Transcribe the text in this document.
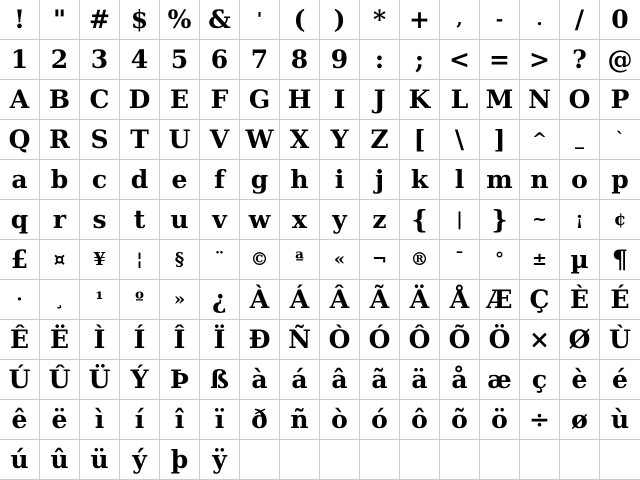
!	" # $ % &	'	(	)	* +	,	-	.	/	0
1 2 3 4 5 6 7 8 9	:	; < = > ? @
A B C D E F G H I	J K L M N O P
Q R S T U V W X Y Z [	\	]	^	_	`
a b c d e	f	g h	i	j	k	l m n o p
q r	s	t	u v w x	y	z {	|	}	~	¡	¢
£	¤	¥	¦	§	¨	©	ª	«	¬	®	¯	°	± µ ¶
·	¸	¹	º	»	¿ À Á Â Ã Ä Å Æ Ç È É
Ê Ë Ì	Í	Î	Ï Ð Ñ Ò Ó Ô Õ Ö × Ø Ù
Ú Û Ü Ý Þ ß à á â ã ä å æ ç è é
ê ë	ì	í	î	ï	ð ñ ò ó ô õ ö ÷ ø ù
ú û ü ý þ ÿ
